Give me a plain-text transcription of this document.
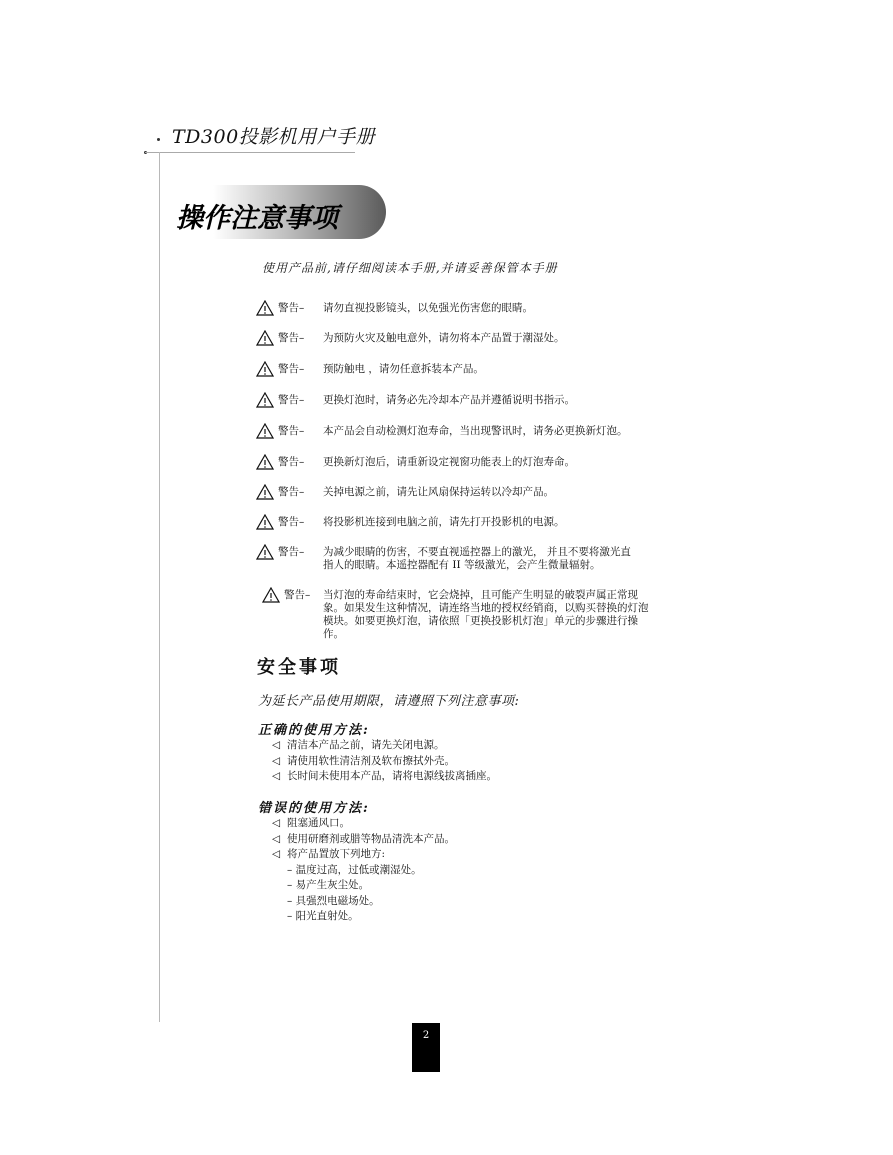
TD300投影机用户手册
操作注意事项
使用产品前,请仔细阅读本手册,并请妥善保管本手册
警告– 请勿直视投影镜头，以免强光伤害您的眼睛。
警告– 为预防火灾及触电意外，请勿将本产品置于潮湿处。
警告– 预防触电 ，请勿任意拆装本产品。
警告– 更换灯泡时，请务必先冷却本产品并遵循说明书指示。
警告– 本产品会自动检测灯泡寿命，当出现警讯时，请务必更换新灯泡。
警告– 更换新灯泡后，请重新设定视窗功能表上的灯泡寿命。
警告– 关掉电源之前，请先让风扇保持运转以冷却产品。
警告– 将投影机连接到电脑之前，请先打开投影机的电源。
警告– 为减少眼睛的伤害，不要直视遥控器上的激光， 并且不要将激光直指人的眼睛。本遥控器配有 II 等级激光，会产生微量辐射。
警告– 当灯泡的寿命结束时，它会烧掉，且可能产生明显的破裂声属正常现象。如果发生这种情况，请连络当地的授权经销商，以购买替换的灯泡模块。如要更换灯泡，请依照「更换投影机灯泡」单元的步骤进行操作。
安全事项
为延长产品使用期限，请遵照下列注意事项:
正确的使用方法:
◁ 清洁本产品之前，请先关闭电源。
◁ 请使用软性清洁剂及软布擦拭外壳。
◁ 长时间未使用本产品，请将电源线拔离插座。
错误的使用方法:
◁ 阻塞通风口。
◁ 使用研磨剂或腊等物品清洗本产品。
◁ 将产品置放下列地方:
– 温度过高，过低或潮湿处。
– 易产生灰尘处。
– 具强烈电磁场处。
– 阳光直射处。
2
